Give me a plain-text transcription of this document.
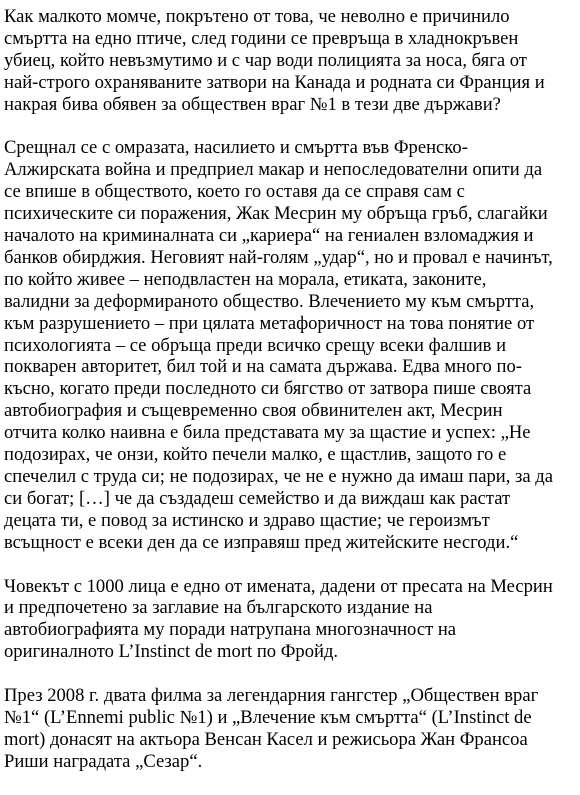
Как малкото момче, покрътено от това, че неволно е причинило
смъртта на едно птиче, след години се превръща в хладнокръвен
убиец, който невъзмутимо и с чар води полицията за носа, бяга от
най-строго охраняваните затвори на Канада и родната си Франция и
накрая бива обявен за обществен враг №1 в тези две държави?

Срещнал се с омразата, насилието и смъртта във Френско-
Алжирската война и предприел макар и непоследователни опити да
се впише в обществото, което го оставя да се справя сам с
психическите си поражения, Жак Месрин му обръща гръб, слагайки
началото на криминалната си „кариера“ на гениален взломаджия и
банков обирджия. Неговият най-голям „удар“, но и провал е начинът,
по който живее – неподвластен на морала, етиката, законите,
валидни за деформираното общество. Влечението му към смъртта,
към разрушението – при цялата метафоричност на това понятие от
психологията – се обръща преди всичко срещу всеки фалшив и
покварен авторитет, бил той и на самата държава. Едва много по-
късно, когато преди последното си бягство от затвора пише своята
автобиография и същевременно своя обвинителен акт, Месрин
отчита колко наивна е била представата му за щастие и успех: „Не
подозирах, че онзи, който печели малко, е щастлив, защото го е
спечелил с труда си; не подозирах, че не е нужно да имаш пари, за да
си богат; […] че да създадеш семейство и да виждаш как растат
децата ти, е повод за истинско и здраво щастие; че героизмът
всъщност е всеки ден да се изправяш пред житейските несгоди.“

Човекът с 1000 лица е едно от имената, дадени от пресата на Месрин
и предпочетено за заглавие на българското издание на
автобиографията му поради натрупана многозначност на
оригиналното L’Instinct de mort по Фройд.

През 2008 г. двата филма за легендарния гангстер „Обществен враг
№1“ (L’Ennemi public №1) и „Влечение към смъртта“ (L’Instinct de
mort) донасят на актьора Венсан Касел и режисьора Жан Франсоа
Риши наградата „Сезар“.
